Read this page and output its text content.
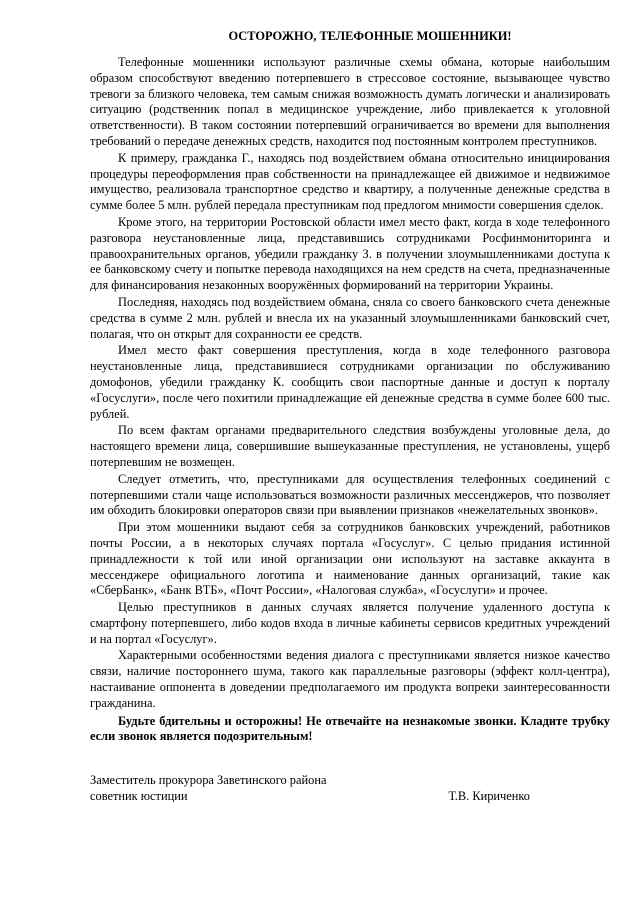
ОСТОРОЖНО, ТЕЛЕФОННЫЕ МОШЕННИКИ!

Телефонные мошенники используют различные схемы обмана, которые наибольшим образом способствуют введению потерпевшего в стрессовое состояние, вызывающее чувство тревоги за близкого человека, тем самым снижая возможность думать логически и анализировать ситуацию (родственник попал в медицинское учреждение, либо привлекается к уголовной ответственности). В таком состоянии потерпевший ограничивается во времени для выполнения требований о передаче денежных средств, находится под постоянным контролем преступников.

К примеру, гражданка Г., находясь под воздействием обмана относительно инициирования процедуры переоформления прав собственности на принадлежащее ей движимое и недвижимое имущество, реализовала транспортное средство и квартиру, а полученные денежные средства в сумме более 5 млн. рублей передала преступникам под предлогом мнимости совершения сделок.

Кроме этого, на территории Ростовской области имел место факт, когда в ходе телефонного разговора неустановленные лица, представившись сотрудниками Росфинмониторинга и правоохранительных органов, убедили гражданку З. в получении злоумышленниками доступа к ее банковскому счету и попытке перевода находящихся на нем средств на счета, предназначенные для финансирования незаконных вооружённых формирований на территории Украины.

Последняя, находясь под воздействием обмана, сняла со своего банковского счета денежные средства в сумме 2 млн. рублей и внесла их на указанный злоумышленниками банковский счет, полагая, что он открыт для сохранности ее средств.

Имел место факт совершения преступления, когда в ходе телефонного разговора неустановленные лица, представившиеся сотрудниками организации по обслуживанию домофонов, убедили гражданку К. сообщить свои паспортные данные и доступ к порталу «Госуслуги», после чего похитили принадлежащие ей денежные средства в сумме более 600 тыс. рублей.

По всем фактам органами предварительного следствия возбуждены уголовные дела, до настоящего времени лица, совершившие вышеуказанные преступления, не установлены, ущерб потерпевшим не возмещен.

Следует отметить, что, преступниками для осуществления телефонных соединений с потерпевшими стали чаще использоваться возможности различных мессенджеров, что позволяет им обходить блокировки операторов связи при выявлении признаков «нежелательных звонков».

При этом мошенники выдают себя за сотрудников банковских учреждений, работников почты России, а в некоторых случаях портала «Госуслуг». С целью придания истинной принадлежности к той или иной организации они используют на заставке аккаунта в мессенджере официального логотипа и наименование данных организаций, такие как «СберБанк», «Банк ВТБ», «Почт России», «Налоговая служба», «Госуслуги» и прочее.

Целью преступников в данных случаях является получение удаленного доступа к смартфону потерпевшего, либо кодов входа в личные кабинеты сервисов кредитных учреждений и на портал «Госуслуг».

Характерными особенностями ведения диалога с преступниками является низкое качество связи, наличие постороннего шума, такого как параллельные разговоры (эффект колл-центра), настаивание оппонента в доведении предполагаемого им продукта вопреки заинтересованности гражданина.

Будьте бдительны и осторожны! Не отвечайте на незнакомые звонки. Кладите трубку если звонок является подозрительным!

Заместитель прокурора Заветинского района
советник юстиции	Т.В. Кириченко
